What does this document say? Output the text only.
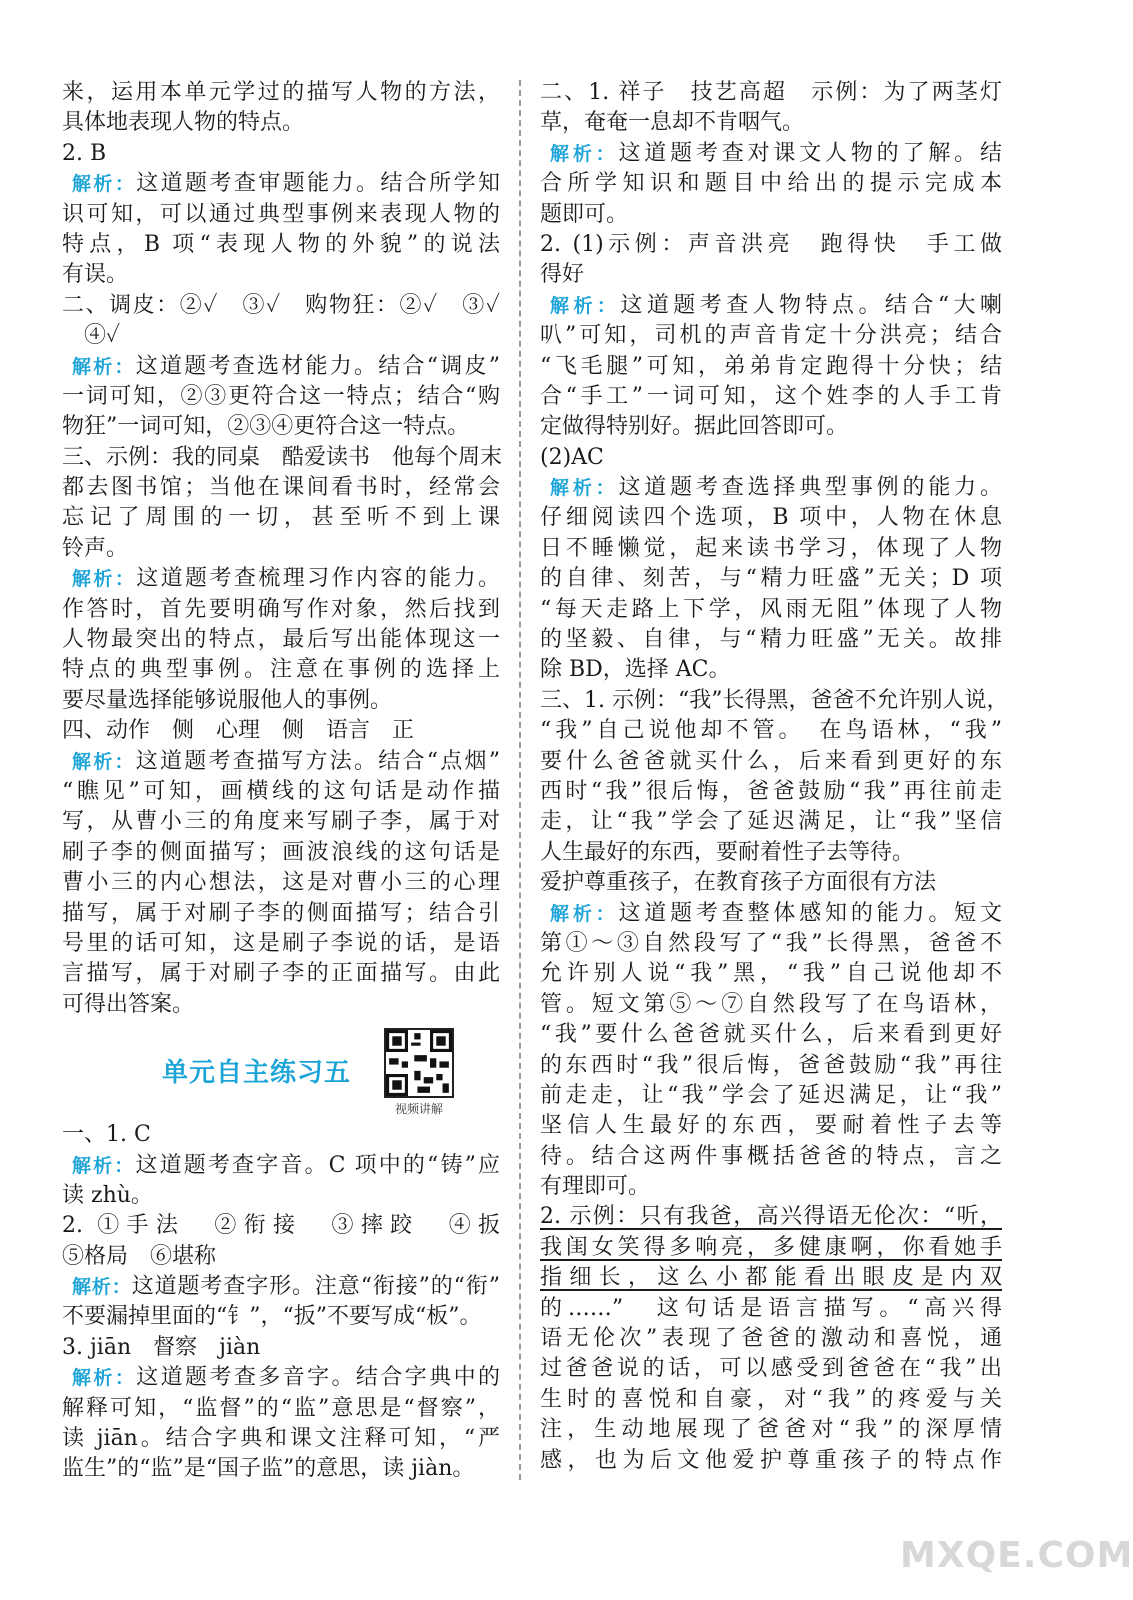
来，运用本单元学过的描写人物的方法，
具体地表现人物的特点。
2. B
解析：这道题考查审题能力。结合所学知
识可知，可以通过典型事例来表现人物的
特点，B 项“表现人物的外貌”的说法
有误。
二、调皮：②✓　③✓　购物狂：②✓　③✓
　④✓
解析：这道题考查选材能力。结合“调皮”
一词可知，②③更符合这一特点；结合“购
物狂”一词可知，②③④更符合这一特点。
三、示例：我的同桌　酷爱读书　他每个周末
都去图书馆；当他在课间看书时，经常会
忘记了周围的一切，甚至听不到上课
铃声。
解析：这道题考查梳理习作内容的能力。
作答时，首先要明确写作对象，然后找到
人物最突出的特点，最后写出能体现这一
特点的典型事例。注意在事例的选择上
要尽量选择能够说服他人的事例。
四、动作　侧　心理　侧　语言　正
解析：这道题考查描写方法。结合“点烟”
“瞧见”可知，画横线的这句话是动作描
写，从曹小三的角度来写刷子李，属于对
刷子李的侧面描写；画波浪线的这句话是
曹小三的内心想法，这是对曹小三的心理
描写，属于对刷子李的侧面描写；结合引
号里的话可知，这是刷子李说的话，是语
言描写，属于对刷子李的正面描写。由此
可得出答案。
单元自主练习五
视频讲解
一、1. C
解析：这道题考查字音。C 项中的“铸”应
读 zhù。
2. ①手法　②衔接　③摔跤　④扳
⑤格局　⑥堪称
解析：这道题考查字形。注意“衔接”的“衔”
不要漏掉里面的“钅”，“扳”不要写成“板”。
3. jiān　督察　jiàn
解析：这道题考查多音字。结合字典中的
解释可知，“监督”的“监”意思是“督察”，
读 jiān。结合字典和课文注释可知，“严
监生”的“监”是“国子监”的意思，读 jiàn。
二、1. 祥子　技艺高超　示例：为了两茎灯
草，奄奄一息却不肯咽气。
解析：这道题考查对课文人物的了解。结
合所学知识和题目中给出的提示完成本
题即可。
2. (1)示例：声音洪亮　跑得快　手工做
得好
解析：这道题考查人物特点。结合“大喇
叭”可知，司机的声音肯定十分洪亮；结合
“飞毛腿”可知，弟弟肯定跑得十分快；结
合“手工”一词可知，这个姓李的人手工肯
定做得特别好。据此回答即可。
(2)AC
解析：这道题考查选择典型事例的能力。
仔细阅读四个选项，B 项中，人物在休息
日不睡懒觉，起来读书学习，体现了人物
的自律、刻苦，与“精力旺盛”无关；D 项
“每天走路上下学，风雨无阻”体现了人物
的坚毅、自律，与“精力旺盛”无关。故排
除 BD，选择 AC。
三、1. 示例：“我”长得黑，爸爸不允许别人说，
“我”自己说他却不管。　在鸟语林，“我”
要什么爸爸就买什么，后来看到更好的东
西时“我”很后悔，爸爸鼓励“我”再往前走
走，让“我”学会了延迟满足，让“我”坚信
人生最好的东西，要耐着性子去等待。
爱护尊重孩子，在教育孩子方面很有方法
解析：这道题考查整体感知的能力。短文
第①～③自然段写了“我”长得黑，爸爸不
允许别人说“我”黑，“我”自己说他却不
管。短文第⑤～⑦自然段写了在鸟语林，
“我”要什么爸爸就买什么，后来看到更好
的东西时“我”很后悔，爸爸鼓励“我”再往
前走走，让“我”学会了延迟满足，让“我”
坚信人生最好的东西，要耐着性子去等
待。结合这两件事概括爸爸的特点，言之
有理即可。
2. 示例：只有我爸，高兴得语无伦次：“听，
我闺女笑得多响亮，多健康啊，你看她手
指细长，这么小都能看出眼皮是内双
的……”　这句话是语言描写。“高兴得
语无伦次”表现了爸爸的激动和喜悦，通
过爸爸说的话，可以感受到爸爸在“我”出
生时的喜悦和自豪，对“我”的疼爱与关
注，生动地展现了爸爸对“我”的深厚情
感，也为后文他爱护尊重孩子的特点作
MXQE.COM
